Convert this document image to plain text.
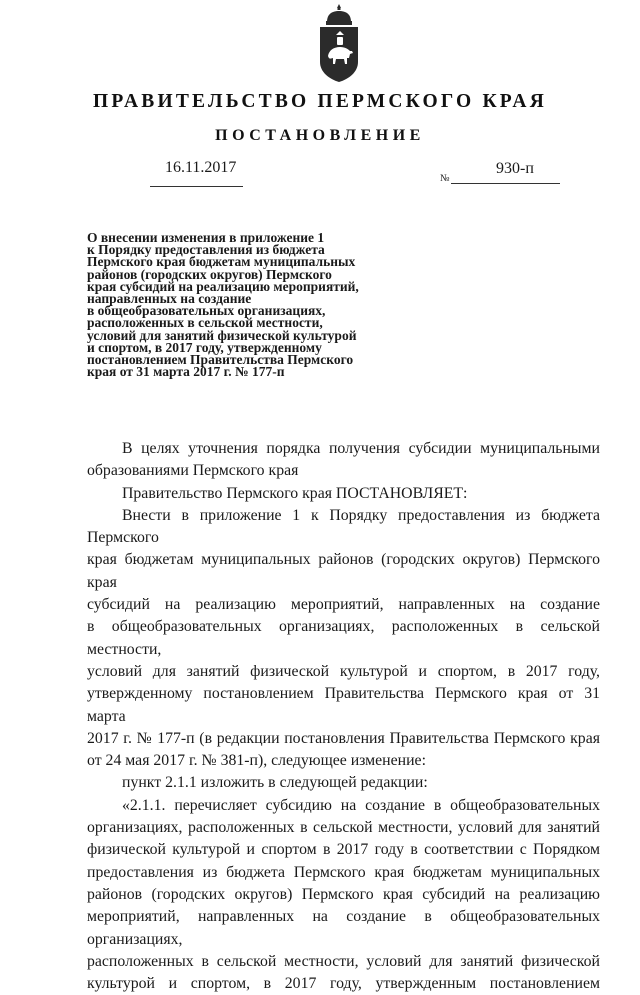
ПРАВИТЕЛЬСТВО ПЕРМСКОГО КРАЯ
ПОСТАНОВЛЕНИЕ
16.11.2017
№
930-п
О внесении изменения в приложение 1
к Порядку предоставления из бюджета
Пермского края бюджетам муниципальных
районов (городских округов) Пермского
края субсидий на реализацию мероприятий,
направленных на создание
в общеобразовательных организациях,
расположенных в сельской местности,
условий для занятий физической культурой
и спортом, в 2017 году, утвержденному
постановлением Правительства Пермского
края от 31 марта 2017 г. № 177-п
В целях уточнения порядка получения субсидии муниципальными
образованиями Пермского края
Правительство Пермского края ПОСТАНОВЛЯЕТ:
Внести в приложение 1 к Порядку предоставления из бюджета Пермского
края бюджетам муниципальных районов (городских округов) Пермского края
субсидий на реализацию мероприятий, направленных на создание
в общеобразовательных организациях, расположенных в сельской местности,
условий для занятий физической культурой и спортом, в 2017 году,
утвержденному постановлением Правительства Пермского края от 31 марта
2017 г. № 177-п (в редакции постановления Правительства Пермского края
от 24 мая 2017 г. № 381-п), следующее изменение:
пункт 2.1.1 изложить в следующей редакции:
«2.1.1. перечисляет субсидию на создание в общеобразовательных
организациях, расположенных в сельской местности, условий для занятий
физической культурой и спортом в 2017 году в соответствии с Порядком
предоставления из бюджета Пермского края бюджетам муниципальных
районов (городских округов) Пермского края субсидий на реализацию
мероприятий, направленных на создание в общеобразовательных организациях,
расположенных в сельской местности, условий для занятий физической
культурой и спортом, в 2017 году, утвержденным постановлением
